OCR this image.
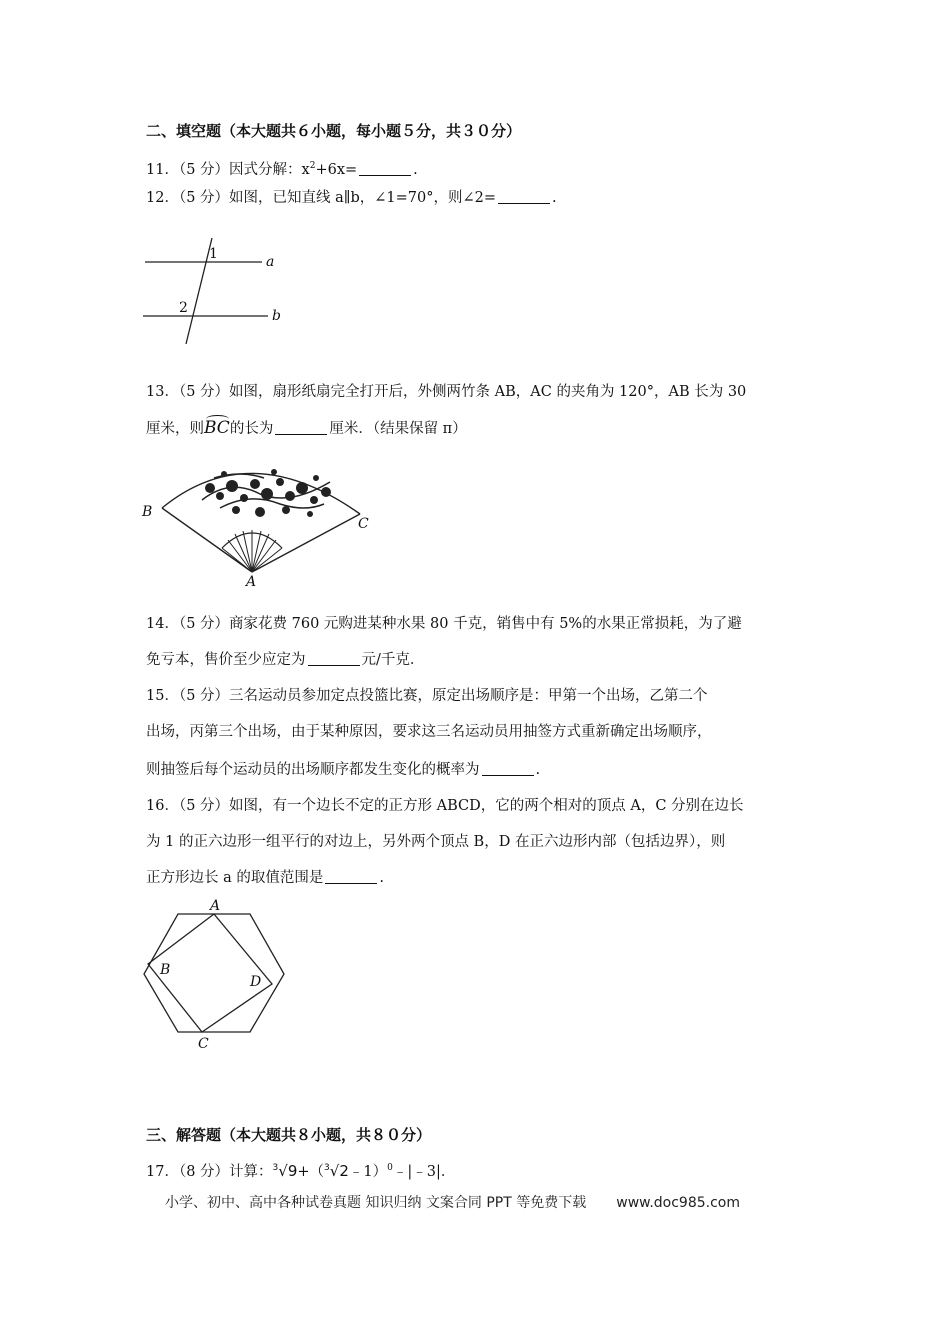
二、填空题（本大题共６小题，每小题５分，共３０分）
11．（5 分）因式分解：$x^2+6x=$	.
12．（5 分）如图，已知直线 a∥b，∠1=70°，则∠2=	.
1
2
a
b
13．（5 分）如图，扇形纸扇完全打开后，外侧两竹条 AB，AC 的夹角为 120°，AB 长为 30
厘米，则BC的长为	厘米．（结果保留 π）
B
C
A
14．（5 分）商家花费 760 元购进某种水果 80 千克，销售中有 5%的水果正常损耗，为了避
免亏本，售价至少应定为	元/千克．
15．（5 分）三名运动员参加定点投篮比赛，原定出场顺序是：甲第一个出场，乙第二个
出场，丙第三个出场，由于某种原因，要求这三名运动员用抽签方式重新确定出场顺序，
则抽签后每个运动员的出场顺序都发生变化的概率为	.
16．（5 分）如图，有一个边长不定的正方形 ABCD，它的两个相对的顶点 A，C 分别在边长
为 1 的正六边形一组平行的对边上，另外两个顶点 B，D 在正六边形内部（包括边界），则
正方形边长 a 的取值范围是	.
A
B
C
D
三、解答题（本大题共８小题，共８０分）
17．（8 分）计算：$^3$√9+（$^3$√2﹣1）$^0$﹣|﹣3|．
小学、初中、高中各种试卷真题 知识归纳 文案合同 PPT 等免费下载 www.doc985.com
